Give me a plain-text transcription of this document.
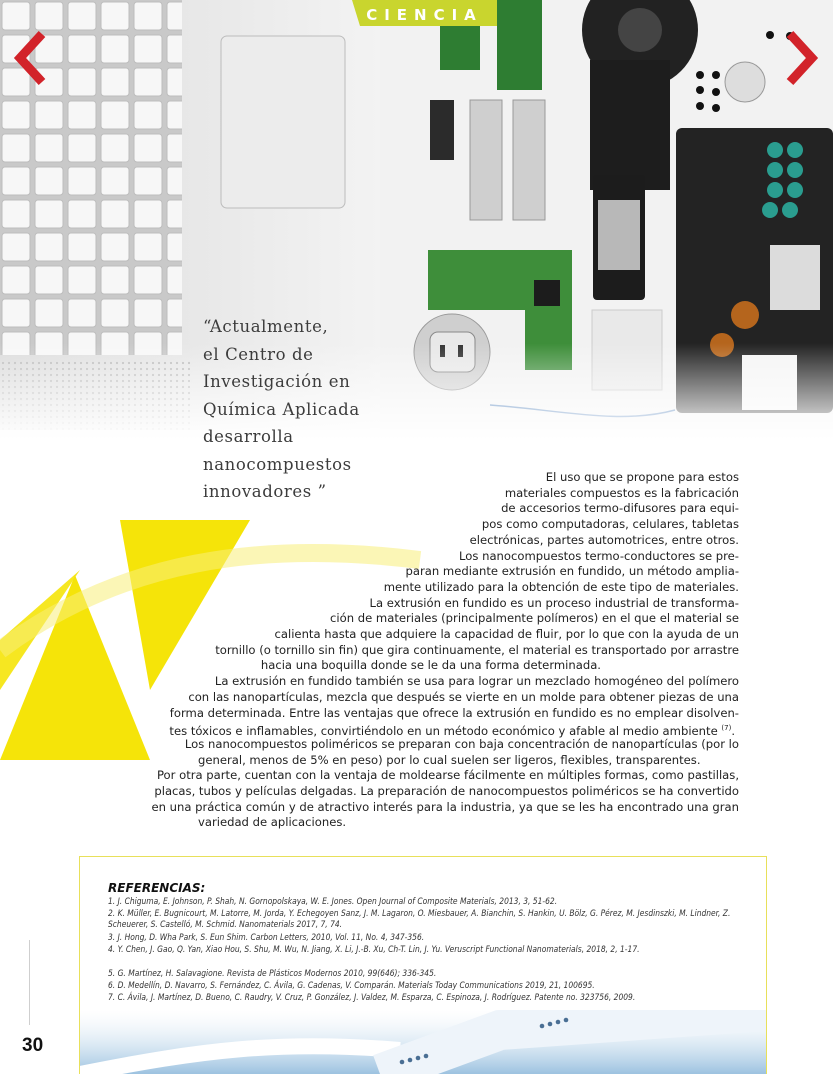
CIENCIA
“Actualmente,
el Centro de
Investigación en
Química Aplicada
desarrolla
nanocompuestos
innovadores ”
El uso que se propone para estos
materiales compuestos es la fabricación
de accesorios termo-difusores para equi-
pos como computadoras, celulares, tabletas
electrónicas, partes automotrices, entre otros.
Los nanocompuestos termo-conductores se pre-
paran mediante extrusión en fundido, un método amplia-
mente utilizado para la obtención de este tipo de materiales.
La extrusión en fundido es un proceso industrial de transforma-
ción de materiales (principalmente polímeros) en el que el material se
calienta hasta que adquiere la capacidad de fluir, por lo que con la ayuda de un
tornillo (o tornillo sin fin) que gira continuamente, el material es transportado por arrastre
hacia una boquilla donde se le da una forma determinada.
La extrusión en fundido también se usa para lograr un mezclado homogéneo del polímero
con las nanopartículas, mezcla que después se vierte en un molde para obtener piezas de una
forma determinada. Entre las ventajas que ofrece la extrusión en fundido es no emplear disolven-
tes tóxicos e inflamables, convirtiéndolo en un método económico y afable al medio ambiente $^{(7)}$.
Los nanocompuestos poliméricos se preparan con baja concentración de nanopartículas (por lo
general, menos de 5% en peso) por lo cual suelen ser ligeros, flexibles, transparentes.
Por otra parte, cuentan con la ventaja de moldearse fácilmente en múltiples formas, como pastillas,
placas, tubos y películas delgadas. La preparación de nanocompuestos poliméricos se ha convertido
en una práctica común y de atractivo interés para la industria, ya que se les ha encontrado una gran
variedad de aplicaciones.
REFERENCIAS:
1. J. Chiguma, E. Johnson, P. Shah, N. Gornopolskaya, W. E. Jones. Open Journal of Composite Materials, 2013, 3, 51-62.
2. K. Müller, E. Bugnicourt, M. Latorre, M. Jorda, Y. Echegoyen Sanz, J. M. Lagaron, O. Miesbauer, A. Bianchin, S. Hankin, U. Bölz, G. Pérez, M. Jesdinszki, M. Lindner, Z. Scheuerer, S. Castelló, M. Schmid. Nanomaterials 2017, 7, 74.
3. J. Hong, D. Wha Park, S. Eun Shim. Carbon Letters, 2010, Vol. 11, No. 4, 347-356.
4. Y. Chen, J. Gao, Q. Yan, Xiao Hou, S. Shu, M. Wu, N. Jiang, X. Li, J.-B. Xu, Ch-T. Lin, J. Yu. Veruscript Functional Nanomaterials, 2018, 2, 1-17.
5. G. Martínez, H. Salavagione. Revista de Plásticos Modernos 2010, 99(646); 336-345.
6. D. Medellín, D. Navarro, S. Fernández, C. Ávila, G. Cadenas, V. Comparán. Materials Today Communications 2019, 21, 100695.
7. C. Ávila, J. Martínez, D. Bueno, C. Raudry, V. Cruz, P. González, J. Valdez, M. Esparza, C. Espinoza, J. Rodríguez. Patente no. 323756, 2009.
30
